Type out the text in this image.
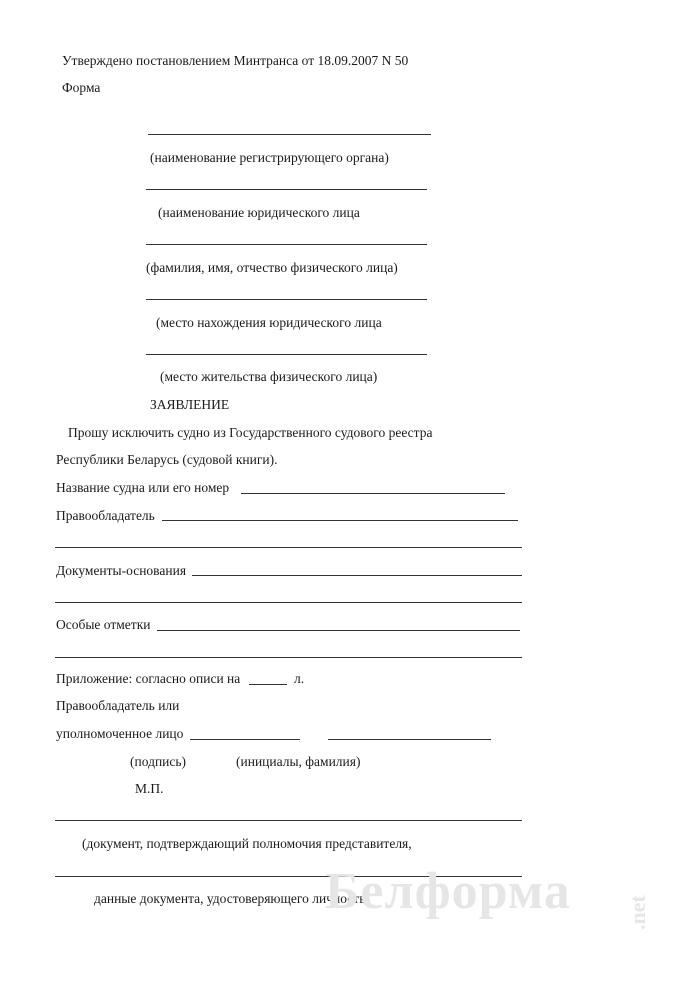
Утверждено постановлением Минтранса от 18.09.2007 N 50
Форма
(наименование регистрирующего органа)
(наименование юридического лица
(фамилия, имя, отчество физического лица)
(место нахождения юридического лица
(место жительства физического лица)
ЗАЯВЛЕНИЕ
Прошу исключить судно из Государственного судового реестра
Республики Беларусь (судовой книги).
Название судна или его номер
Правообладатель
Документы-основания
Особые отметки
Приложение: согласно описи на	л.
Правообладатель или
уполномоченное лицо
(подпись)	(инициалы, фамилия)
М.П.
(документ, подтверждающий полномочия представителя,
данные документа, удостоверяющего личность)
Белформа .net
